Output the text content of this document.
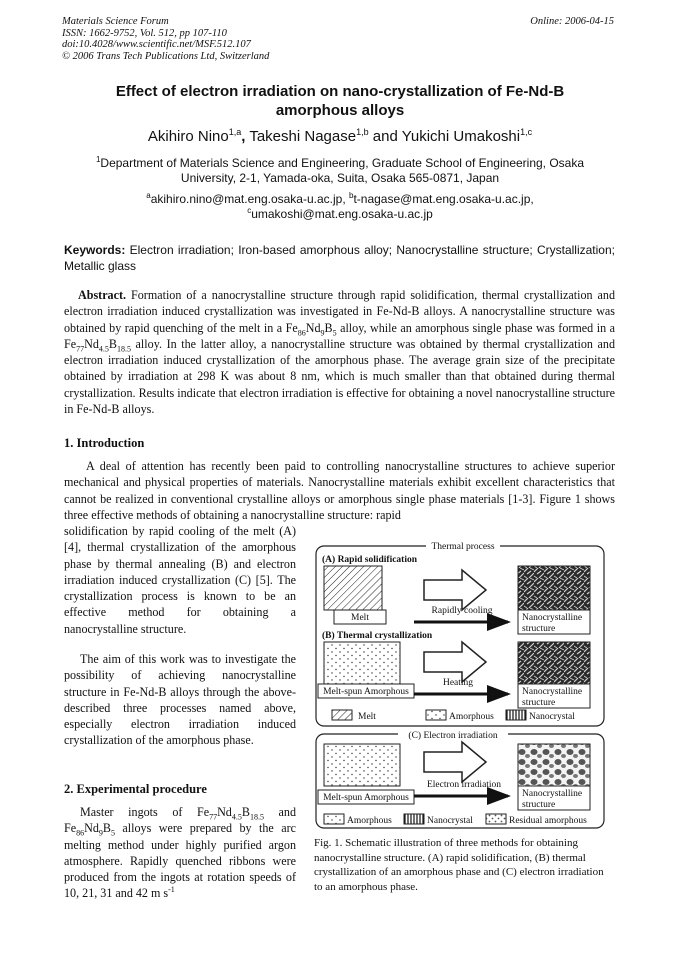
Materials Science Forum
ISSN: 1662-9752, Vol. 512, pp 107-110
doi:10.4028/www.scientific.net/MSF.512.107
© 2006 Trans Tech Publications Ltd, Switzerland
Online: 2006-04-15
Effect of electron irradiation on nano-crystallization of Fe-Nd-B
amorphous alloys
Akihiro Nino$^{1,a}$, Takeshi Nagase$^{1,b}$ and Yukichi Umakoshi$^{1,c}$
$^1$Department of Materials Science and Engineering, Graduate School of Engineering, Osaka
University, 2-1, Yamada-oka, Suita, Osaka 565-0871, Japan
$^a$akihiro.nino@mat.eng.osaka-u.ac.jp, $^b$t-nagase@mat.eng.osaka-u.ac.jp,
$^c$umakoshi@mat.eng.osaka-u.ac.jp
Keywords: Electron irradiation; Iron-based amorphous alloy; Nanocrystalline structure; Crystallization; Metallic glass
Abstract. Formation of a nanocrystalline structure through rapid solidification, thermal crystallization and electron irradiation induced crystallization was investigated in Fe-Nd-B alloys. A nanocrystalline structure was obtained by rapid quenching of the melt in a $Fe_{86}Nd_9B_5$ alloy, while an amorphous single phase was formed in a $Fe_{77}Nd_{4.5}B_{18.5}$ alloy. In the latter alloy, a nanocrystalline structure was obtained by thermal crystallization and electron irradiation induced crystallization of the amorphous phase. The average grain size of the precipitate obtained by irradiation at 298 K was about 8 nm, which is much smaller than that obtained during thermal crystallization. Results indicate that electron irradiation is effective for obtaining a novel nanocrystalline structure in Fe-Nd-B alloys.
1. Introduction
A deal of attention has recently been paid to controlling nanocrystalline structures to achieve superior mechanical and physical properties of materials. Nanocrystalline materials exhibit excellent characteristics that cannot be realized in conventional crystalline alloys or amorphous single phase materials [1-3]. Figure 1 shows three effective methods of obtaining a nanocrystalline structure: rapid
solidification by rapid cooling of the melt (A) [4], thermal crystallization of the amorphous phase by thermal annealing (B) and electron irradiation induced crystallization (C) [5]. The crystallization process is known to be an effective method for obtaining a nanocrystalline structure.
The aim of this work was to investigate the possibility of achieving nanocrystalline structure in Fe-Nd-B alloys through the above-described three processes named above, especially electron irradiation induced crystallization of the amorphous phase.
2. Experimental procedure
Master ingots of $Fe_{77}Nd_{4.5}B_{18.5}$ and $Fe_{86}Nd_9B_5$ alloys were prepared by the arc melting method under highly purified argon atmosphere. Rapidly quenched ribbons were produced from the ingots at rotation speeds of 10, 21, 31 and 42 m $s^{-1}$
Thermal process
(A) Rapid solidification
Melt
Rapidly cooling
Nanocrystalline
structure
(B) Thermal crystallization
Melt-spun Amorphous
Heating
Nanocrystalline
structure
Melt	Amorphous	Nanocrystal
(C) Electron irradiation
Melt-spun Amorphous
Electron irradiation
Nanocrystalline
structure
Amorphous	Nanocrystal	Residual amorphous
Fig. 1. Schematic illustration of three methods for obtaining nanocrystalline structure. (A) rapid solidification, (B) thermal crystallization of an amorphous phase and (C) electron irradiation to an amorphous phase.
